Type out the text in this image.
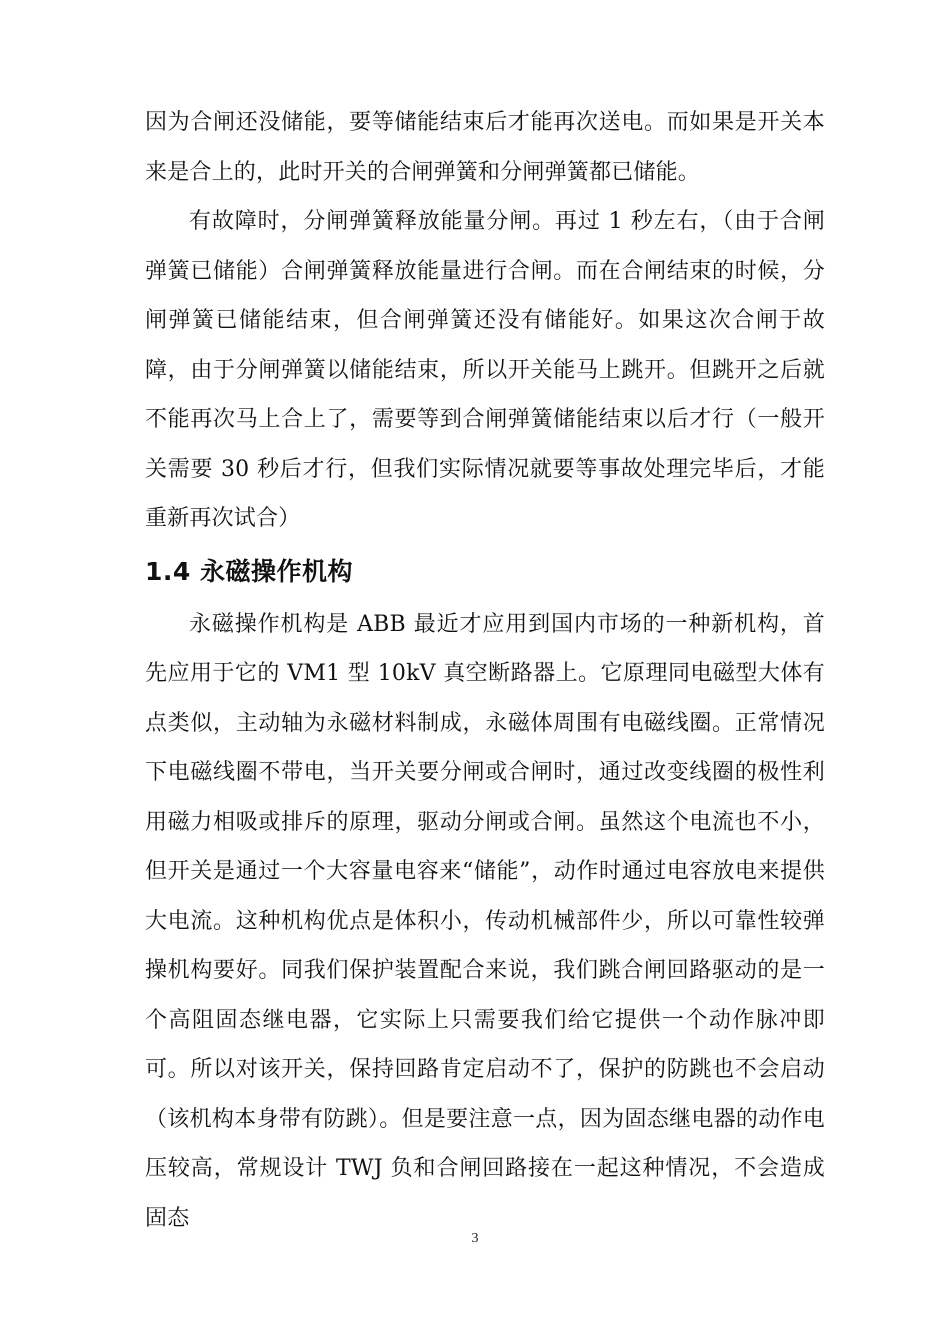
因为合闸还没储能，要等储能结束后才能再次送电。而如果是开关本来是合上的，此时开关的合闸弹簧和分闸弹簧都已储能。

有故障时，分闸弹簧释放能量分闸。再过 1 秒左右，（由于合闸弹簧已储能）合闸弹簧释放能量进行合闸。而在合闸结束的时候，分闸弹簧已储能结束，但合闸弹簧还没有储能好。如果这次合闸于故障，由于分闸弹簧以储能结束，所以开关能马上跳开。但跳开之后就不能再次马上合上了，需要等到合闸弹簧储能结束以后才行（一般开关需要 30 秒后才行，但我们实际情况就要等事故处理完毕后，才能重新再次试合）

1.4 永磁操作机构

永磁操作机构是 ABB 最近才应用到国内市场的一种新机构，首先应用于它的 VM1 型 10kV 真空断路器上。它原理同电磁型大体有点类似，主动轴为永磁材料制成，永磁体周围有电磁线圈。正常情况下电磁线圈不带电，当开关要分闸或合闸时，通过改变线圈的极性利用磁力相吸或排斥的原理，驱动分闸或合闸。虽然这个电流也不小，但开关是通过一个大容量电容来“储能”，动作时通过电容放电来提供大电流。这种机构优点是体积小，传动机械部件少，所以可靠性较弹操机构要好。同我们保护装置配合来说，我们跳合闸回路驱动的是一个高阻固态继电器，它实际上只需要我们给它提供一个动作脉冲即可。所以对该开关，保持回路肯定启动不了，保护的防跳也不会启动（该机构本身带有防跳）。但是要注意一点，因为固态继电器的动作电压较高，常规设计 TWJ 负和合闸回路接在一起这种情况，不会造成固态

3
